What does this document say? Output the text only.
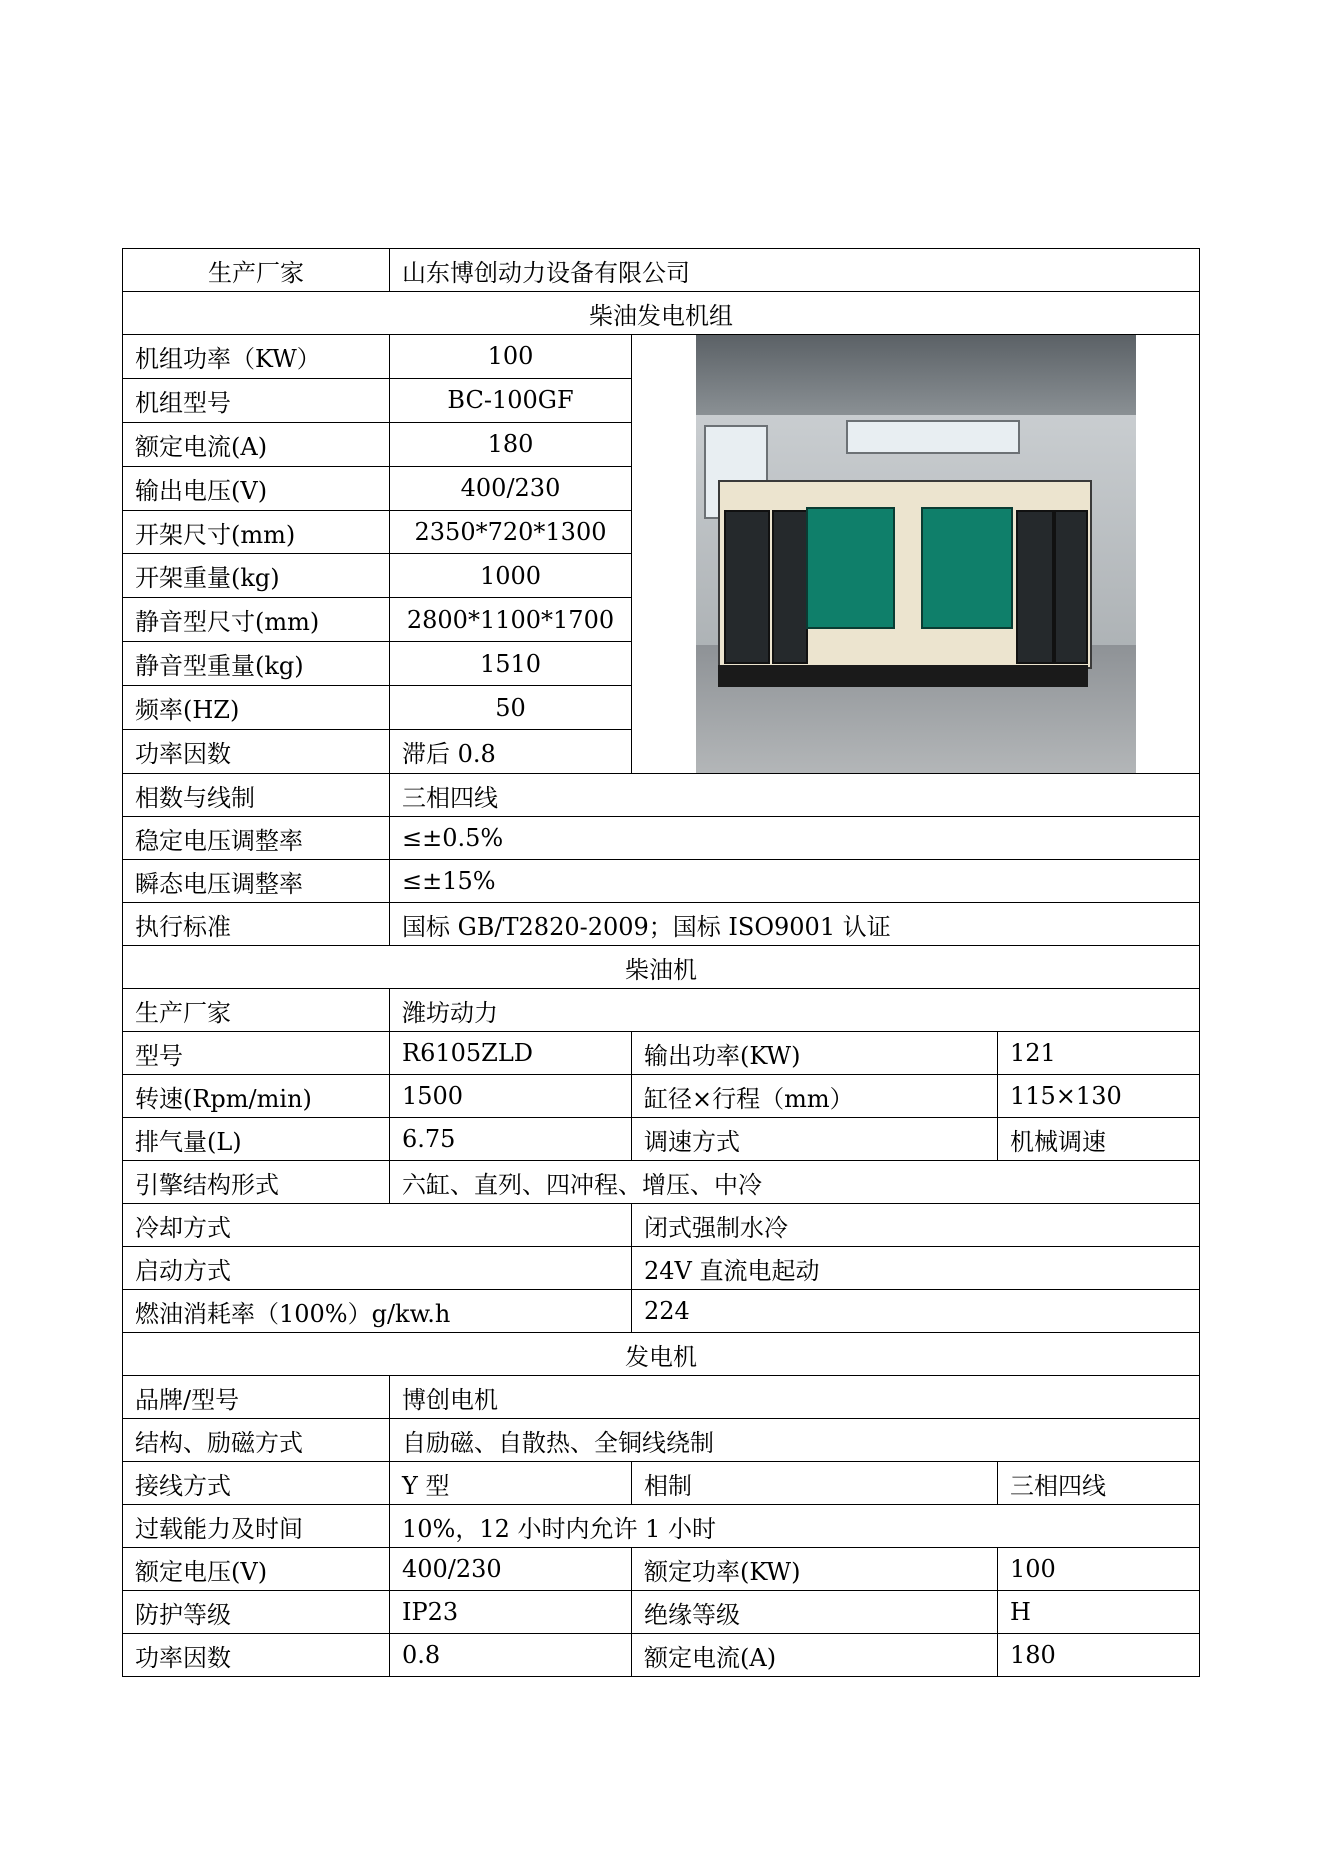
生产厂家	山东博创动力设备有限公司		
柴油发电机组			
机组功率（KW）	100		

机组型号	BC-100GF		
额定电流(A)	180		
输出电压(V)	400/230		
开架尺寸(mm)	2350*720*1300		
开架重量(kg)	1000		
静音型尺寸(mm)	2800*1100*1700		
静音型重量(kg)	1510		
频率(HZ)	50		
功率因数	滞后 0.8		
相数与线制	三相四线		
稳定电压调整率	≤±0.5%		
瞬态电压调整率	≤±15%		
执行标准	国标 GB/T2820-2009；国标 ISO9001 认证		
柴油机			
生产厂家	潍坊动力		
型号	R6105ZLD	输出功率(KW)	121
转速(Rpm/min)	1500	缸径×行程（mm）	115×130
排气量(L)	6.75	调速方式	机械调速
引擎结构形式	六缸、直列、四冲程、增压、中冷		
冷却方式		闭式强制水冷	
启动方式		24V 直流电起动	
燃油消耗率（100%）g/kw.h		224	
发电机			
品牌/型号	博创电机		
结构、励磁方式	自励磁、自散热、全铜线绕制		
接线方式	Y 型	相制	三相四线
过载能力及时间	10%，12 小时内允许 1 小时		
额定电压(V)	400/230	额定功率(KW)	100
防护等级	IP23	绝缘等级	H
功率因数	0.8	额定电流(A)	180
